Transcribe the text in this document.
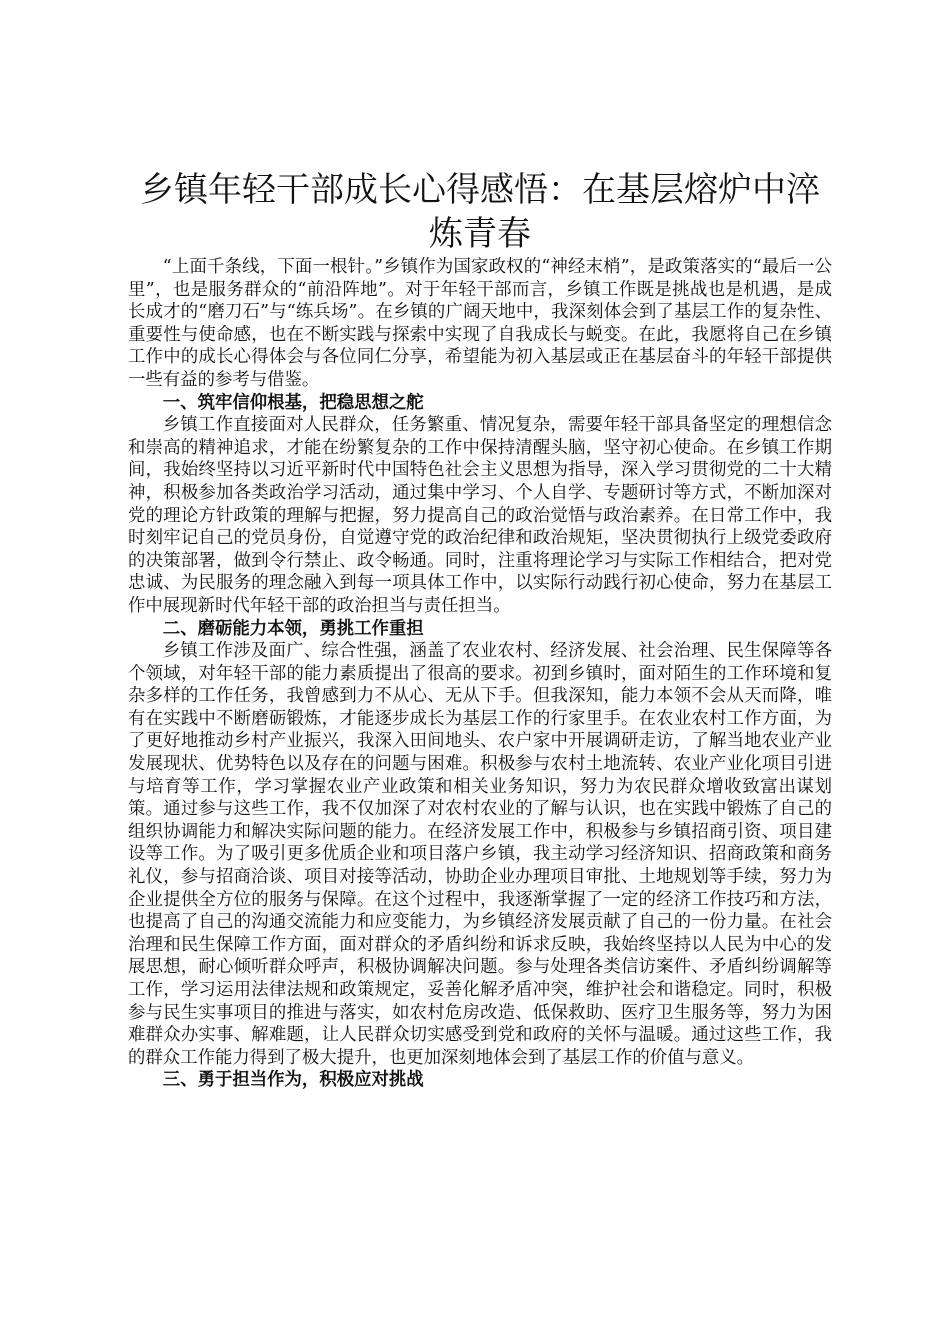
乡镇年轻干部成长心得感悟：在基层熔炉中淬炼青春

“上面千条线，下面一根针。”乡镇作为国家政权的“神经末梢”，是政策落实的“最后一公里”，也是服务群众的“前沿阵地”。对于年轻干部而言，乡镇工作既是挑战也是机遇，是成长成才的“磨刀石”与“练兵场”。在乡镇的广阔天地中，我深刻体会到了基层工作的复杂性、重要性与使命感，也在不断实践与探索中实现了自我成长与蜕变。在此，我愿将自己在乡镇工作中的成长心得体会与各位同仁分享，希望能为初入基层或正在基层奋斗的年轻干部提供一些有益的参考与借鉴。

一、筑牢信仰根基，把稳思想之舵

乡镇工作直接面对人民群众，任务繁重、情况复杂，需要年轻干部具备坚定的理想信念和崇高的精神追求，才能在纷繁复杂的工作中保持清醒头脑，坚守初心使命。在乡镇工作期间，我始终坚持以习近平新时代中国特色社会主义思想为指导，深入学习贯彻党的二十大精神，积极参加各类政治学习活动，通过集中学习、个人自学、专题研讨等方式，不断加深对党的理论方针政策的理解与把握，努力提高自己的政治觉悟与政治素养。在日常工作中，我时刻牢记自己的党员身份，自觉遵守党的政治纪律和政治规矩，坚决贯彻执行上级党委政府的决策部署，做到令行禁止、政令畅通。同时，注重将理论学习与实际工作相结合，把对党忠诚、为民服务的理念融入到每一项具体工作中，以实际行动践行初心使命，努力在基层工作中展现新时代年轻干部的政治担当与责任担当。

二、磨砺能力本领，勇挑工作重担

乡镇工作涉及面广、综合性强，涵盖了农业农村、经济发展、社会治理、民生保障等各个领域，对年轻干部的能力素质提出了很高的要求。初到乡镇时，面对陌生的工作环境和复杂多样的工作任务，我曾感到力不从心、无从下手。但我深知，能力本领不会从天而降，唯有在实践中不断磨砺锻炼，才能逐步成长为基层工作的行家里手。在农业农村工作方面，为了更好地推动乡村产业振兴，我深入田间地头、农户家中开展调研走访，了解当地农业产业发展现状、优势特色以及存在的问题与困难。积极参与农村土地流转、农业产业化项目引进与培育等工作，学习掌握农业产业政策和相关业务知识，努力为农民群众增收致富出谋划策。通过参与这些工作，我不仅加深了对农村农业的了解与认识，也在实践中锻炼了自己的组织协调能力和解决实际问题的能力。在经济发展工作中，积极参与乡镇招商引资、项目建设等工作。为了吸引更多优质企业和项目落户乡镇，我主动学习经济知识、招商政策和商务礼仪，参与招商洽谈、项目对接等活动，协助企业办理项目审批、土地规划等手续，努力为企业提供全方位的服务与保障。在这个过程中，我逐渐掌握了一定的经济工作技巧和方法，也提高了自己的沟通交流能力和应变能力，为乡镇经济发展贡献了自己的一份力量。在社会治理和民生保障工作方面，面对群众的矛盾纠纷和诉求反映，我始终坚持以人民为中心的发展思想，耐心倾听群众呼声，积极协调解决问题。参与处理各类信访案件、矛盾纠纷调解等工作，学习运用法律法规和政策规定，妥善化解矛盾冲突，维护社会和谐稳定。同时，积极参与民生实事项目的推进与落实，如农村危房改造、低保救助、医疗卫生服务等，努力为困难群众办实事、解难题，让人民群众切实感受到党和政府的关怀与温暖。通过这些工作，我的群众工作能力得到了极大提升，也更加深刻地体会到了基层工作的价值与意义。

三、勇于担当作为，积极应对挑战
